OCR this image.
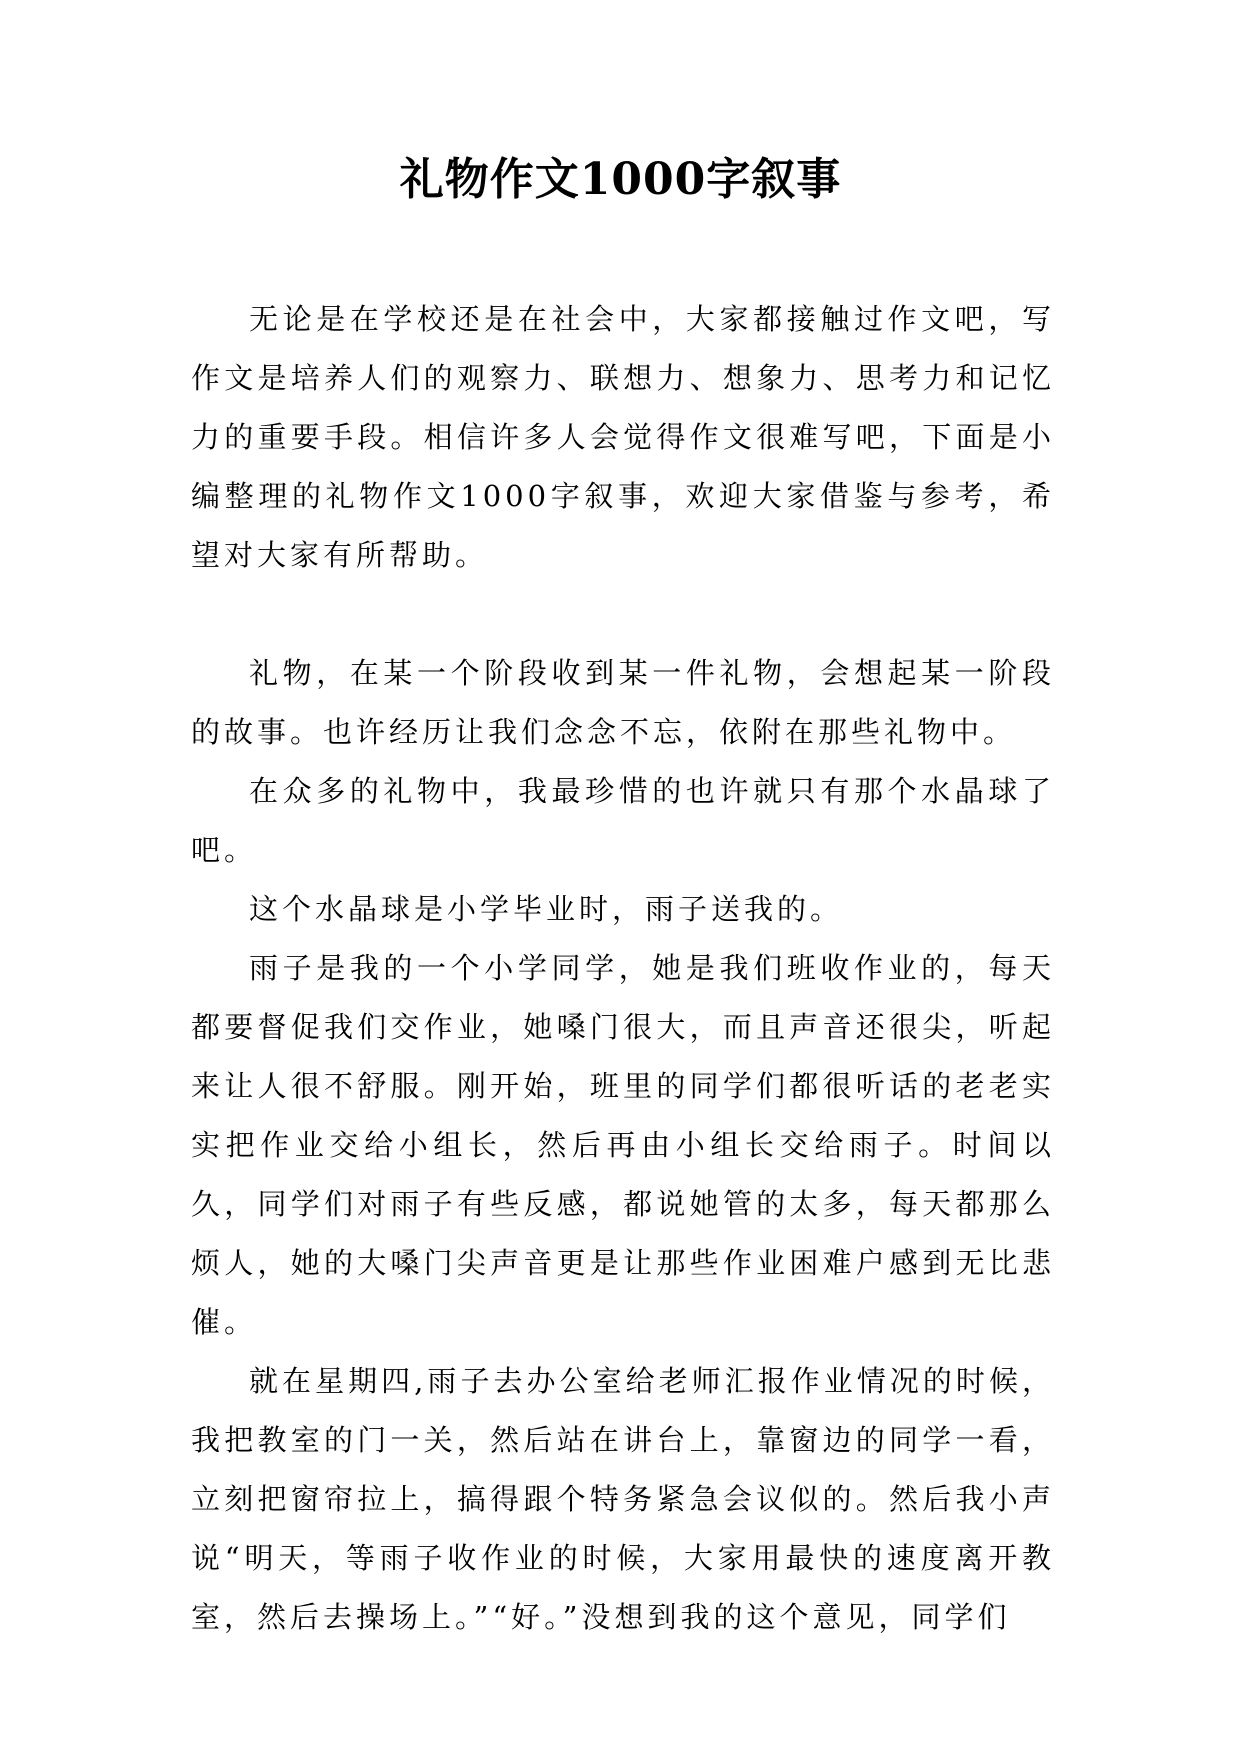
礼物作文1000字叙事

无论是在学校还是在社会中，大家都接触过作文吧，写作文是培养人们的观察力、联想力、想象力、思考力和记忆力的重要手段。相信许多人会觉得作文很难写吧，下面是小编整理的礼物作文1000字叙事，欢迎大家借鉴与参考，希望对大家有所帮助。

礼物，在某一个阶段收到某一件礼物，会想起某一阶段的故事。也许经历让我们念念不忘，依附在那些礼物中。

在众多的礼物中，我最珍惜的也许就只有那个水晶球了吧。

这个水晶球是小学毕业时，雨子送我的。

雨子是我的一个小学同学，她是我们班收作业的，每天都要督促我们交作业，她嗓门很大，而且声音还很尖，听起来让人很不舒服。刚开始，班里的同学们都很听话的老老实实把作业交给小组长，然后再由小组长交给雨子。时间以久，同学们对雨子有些反感，都说她管的太多，每天都那么烦人，她的大嗓门尖声音更是让那些作业困难户感到无比悲催。

就在星期四,雨子去办公室给老师汇报作业情况的时候，我把教室的门一关，然后站在讲台上，靠窗边的同学一看，立刻把窗帘拉上，搞得跟个特务紧急会议似的。然后我小声说“明天，等雨子收作业的时候，大家用最快的速度离开教室，然后去操场上。”“好。”没想到我的这个意见，同学们
